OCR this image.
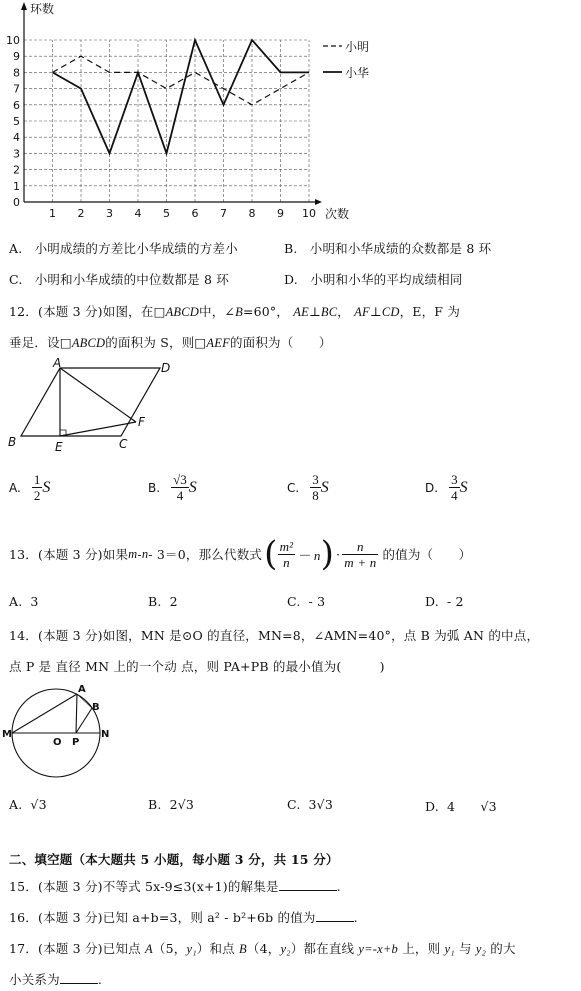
0
1
2
3
4
5
6
7
8
9
10
1 2 3 4 5 6 7 8 9 10
环数
次数
小明
小华
A. 小明成绩的方差比小华成绩的方差小	B. 小明和小华成绩的众数都是 8 环
C. 小明和小华成绩的中位数都是 8 环	D. 小明和小华的平均成绩相同
12．(本题 3 分)如图，在□ABCD中，∠B=60°， AE⊥BC， AF⊥CD，E，F 为
垂足．设□ABCD的面积为 S，则□AEF的面积为（　　）
A	D
B	E	C
F
A. $\frac{1}{2}$ S	B. $\frac{√3}{4}$ S	C. $\frac{3}{8}$ S	D. $\frac{3}{4}$ S
13．(本题 3 分)如果 m - n - 3＝0，那么代数式 ( $\frac{\text{m²}}{n} - n$ ) · $\frac{n}{m + n}$ 的值为（　　）
A. 3	B. 2	C. - 3	D. - 2
14．(本题 3 分)如图，MN 是⊙O 的直径，MN=8，∠AMN=40°，点 B 为弧 AN 的中点，
点 P 是 直径 MN 上的一个动 点，则 PA+PB 的最小值为(　　　)
M	N
O P
A
B
A. √3	B. 2√3	C. 3√3	D. 4　　√3
二、填空题（本大题共 5 小题，每小题 3 分，共 15 分）
15．(本题 3 分)不等式 5x-9≤3(x+1)的解集是	.
16．(本题 3 分)已知 a+b=3，则 a² - b²+6b 的值为	.
17．(本题 3 分)已知点 A（5，y₁）和点 B（4，y₂）都在直线 y=-x+b 上，则 y₁ 与 y₂ 的大
小关系为	.
